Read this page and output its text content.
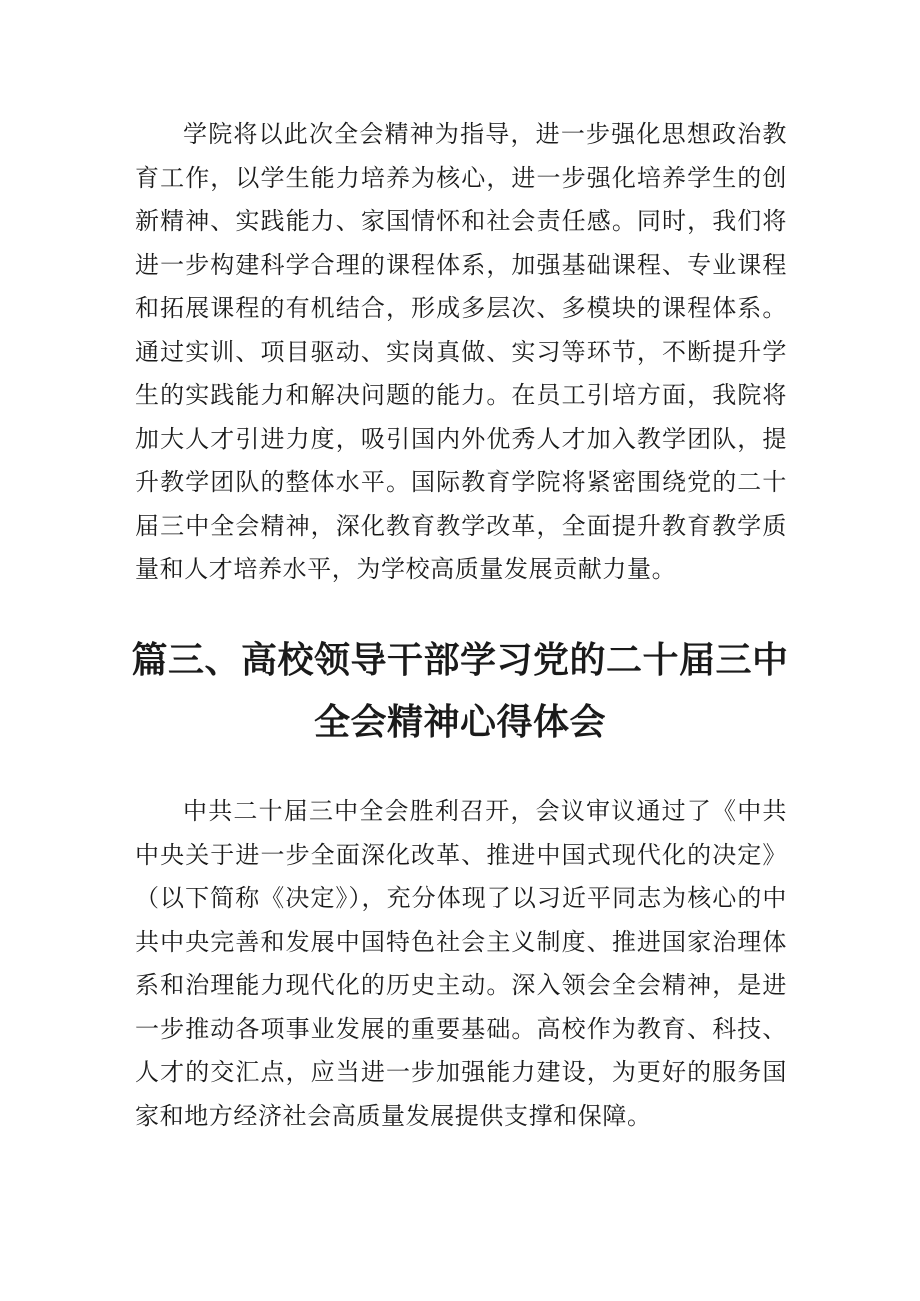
学院将以此次全会精神为指导，进一步强化思想政治教育工作，以学生能力培养为核心，进一步强化培养学生的创新精神、实践能力、家国情怀和社会责任感。同时，我们将进一步构建科学合理的课程体系，加强基础课程、专业课程和拓展课程的有机结合，形成多层次、多模块的课程体系。通过实训、项目驱动、实岗真做、实习等环节，不断提升学生的实践能力和解决问题的能力。在员工引培方面，我院将加大人才引进力度，吸引国内外优秀人才加入教学团队，提升教学团队的整体水平。国际教育学院将紧密围绕党的二十届三中全会精神，深化教育教学改革，全面提升教育教学质量和人才培养水平，为学校高质量发展贡献力量。

篇三、高校领导干部学习党的二十届三中全会精神心得体会

中共二十届三中全会胜利召开，会议审议通过了《中共中央关于进一步全面深化改革、推进中国式现代化的决定》（以下简称《决定》），充分体现了以习近平同志为核心的中共中央完善和发展中国特色社会主义制度、推进国家治理体系和治理能力现代化的历史主动。深入领会全会精神，是进一步推动各项事业发展的重要基础。高校作为教育、科技、人才的交汇点，应当进一步加强能力建设，为更好的服务国家和地方经济社会高质量发展提供支撑和保障。
